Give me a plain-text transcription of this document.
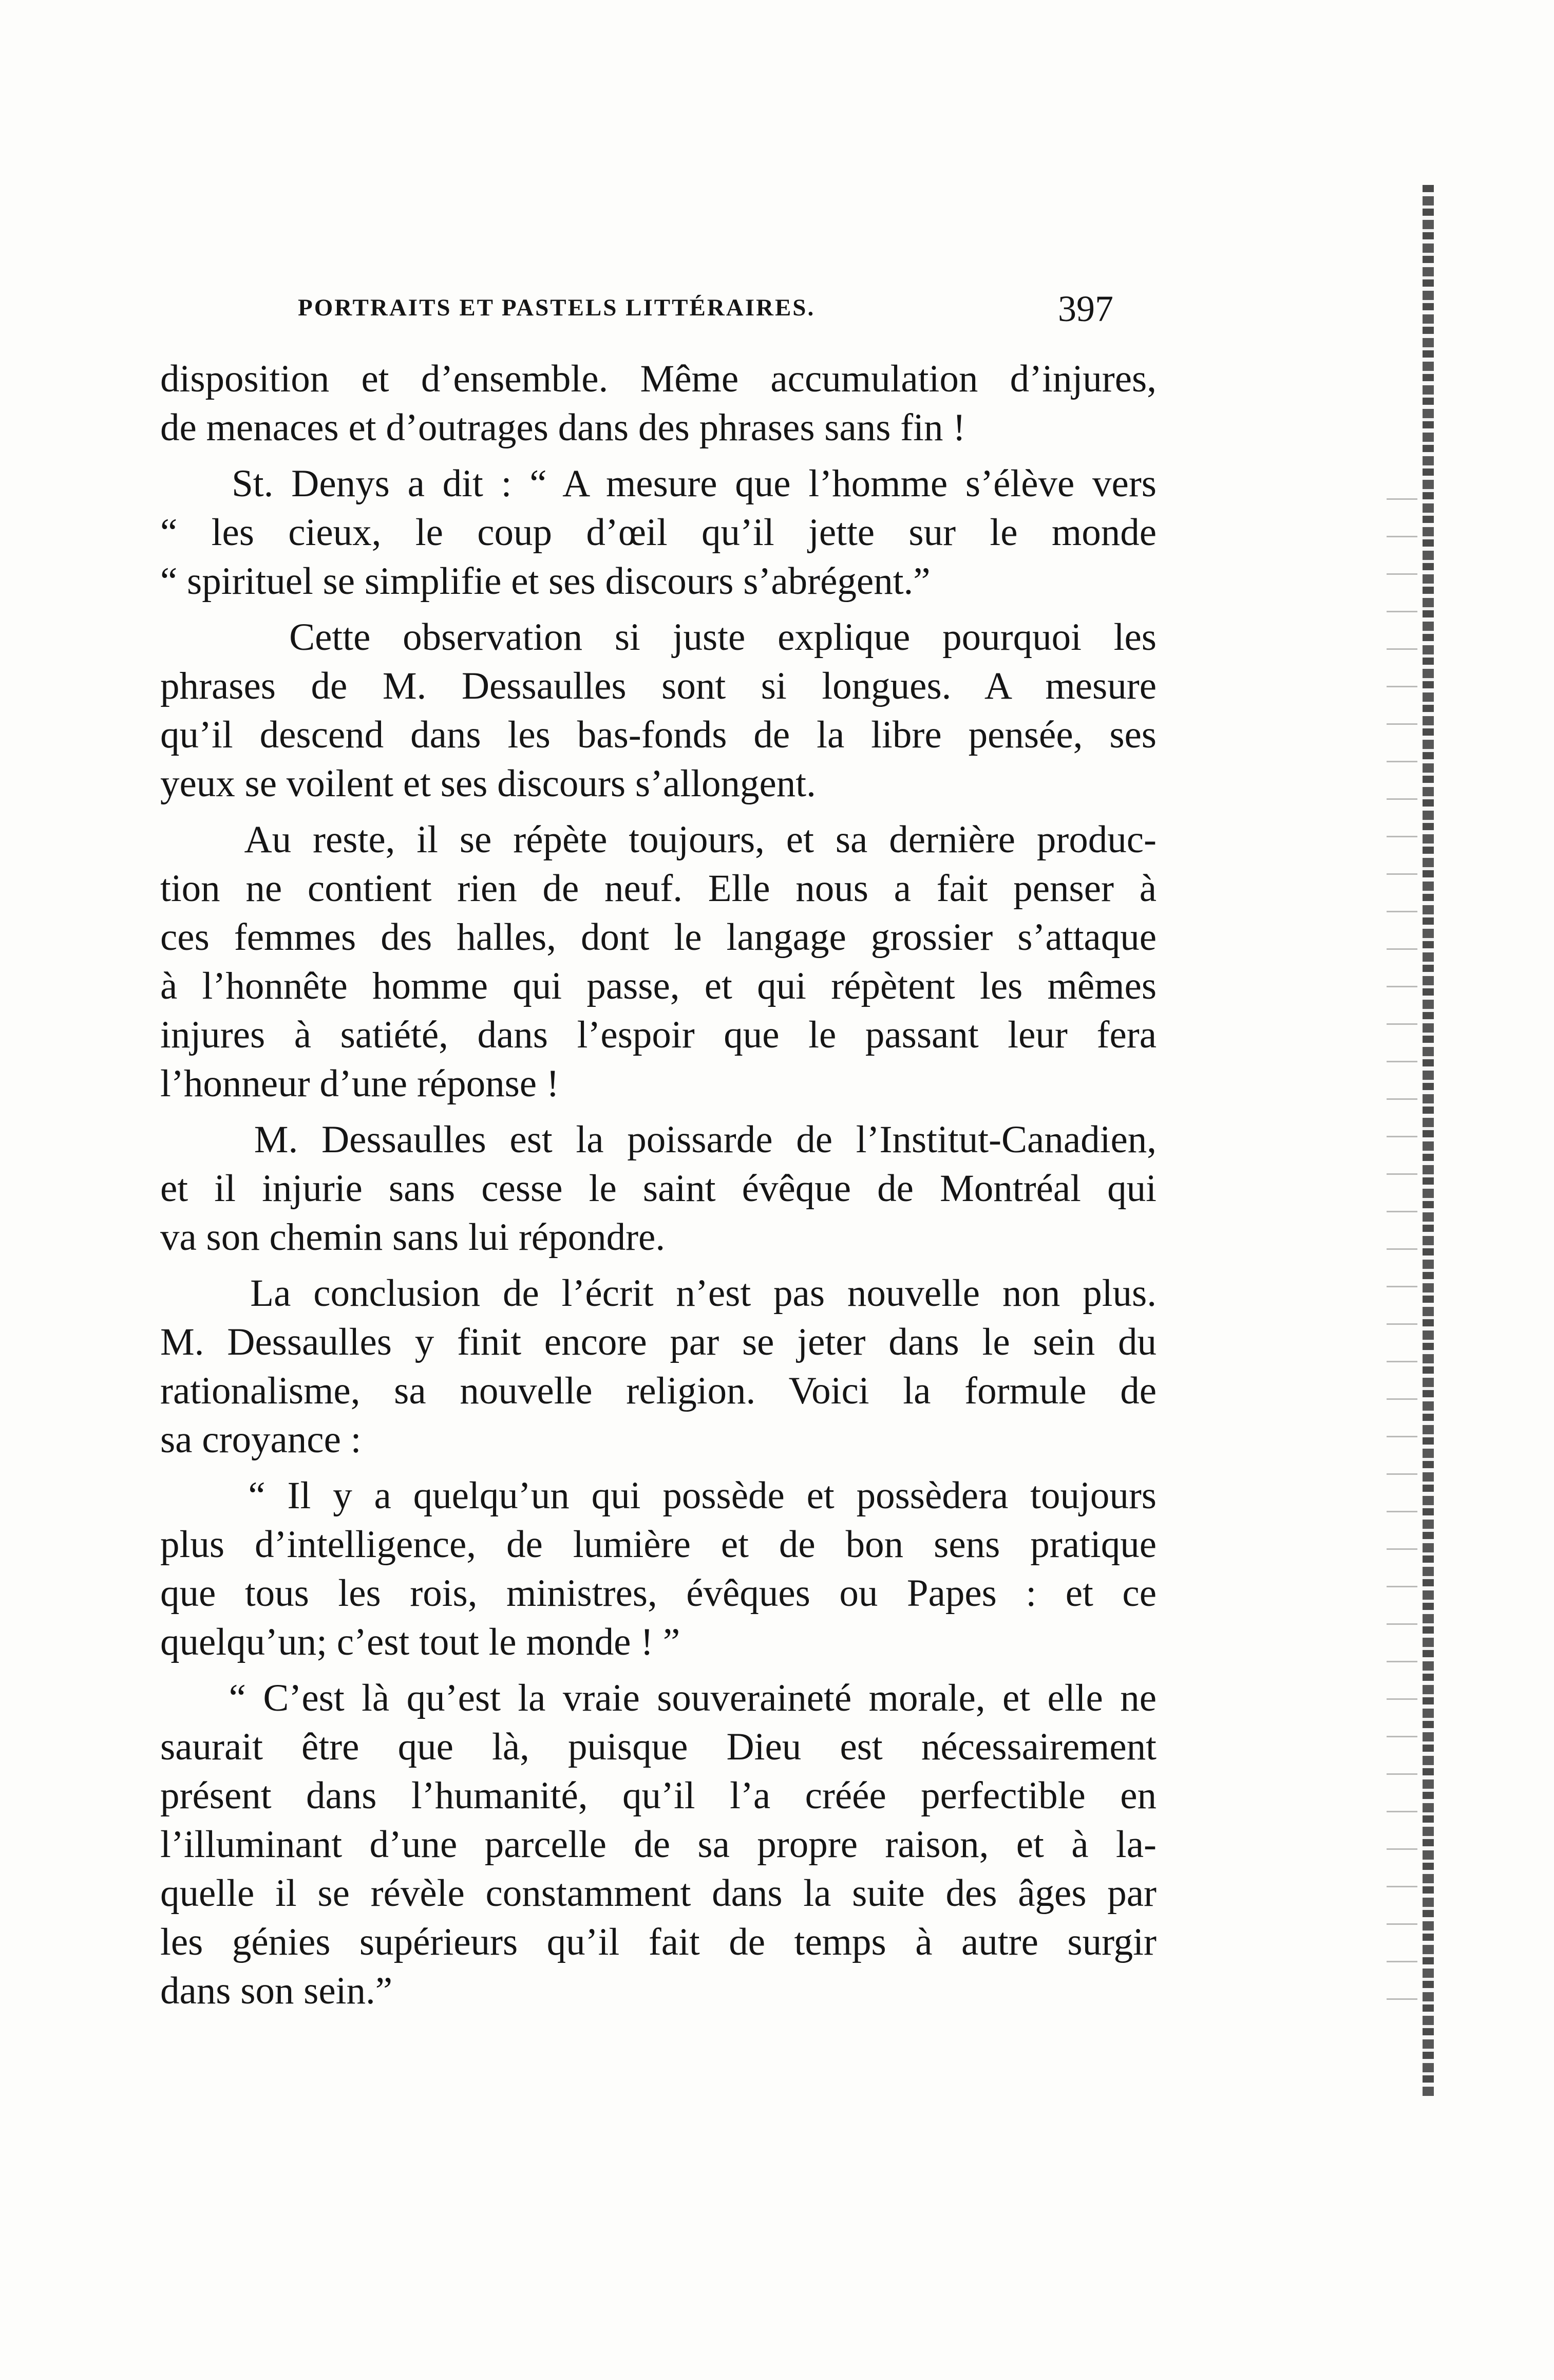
PORTRAITS ET PASTELS LITTÉRAIRES.	397
disposition et d’ensemble. Même accumulation d’injures,
de menaces et d’outrages dans des phrases sans fin !
St. Denys a dit : “ A mesure que l’homme s’élève vers
“ les cieux, le coup d’œil qu’il jette sur le monde
“ spirituel se simplifie et ses discours s’abrégent.”
Cette observation si juste explique pourquoi les
phrases de M. Dessaulles sont si longues. A mesure
qu’il descend dans les bas-fonds de la libre pensée, ses
yeux se voilent et ses discours s’allongent.
Au reste, il se répète toujours, et sa dernière produc-
tion ne contient rien de neuf. Elle nous a fait penser à
ces femmes des halles, dont le langage grossier s’attaque
à l’honnête homme qui passe, et qui répètent les mêmes
injures à satiété, dans l’espoir que le passant leur fera
l’honneur d’une réponse !
M. Dessaulles est la poissarde de l’Institut-Canadien,
et il injurie sans cesse le saint évêque de Montréal qui
va son chemin sans lui répondre.
La conclusion de l’écrit n’est pas nouvelle non plus.
M. Dessaulles y finit encore par se jeter dans le sein du
rationalisme, sa nouvelle religion. Voici la formule de
sa croyance :
“ Il y a quelqu’un qui possède et possèdera toujours
plus d’intelligence, de lumière et de bon sens pratique
que tous les rois, ministres, évêques ou Papes : et ce
quelqu’un; c’est tout le monde ! ”
“ C’est là qu’est la vraie souveraineté morale, et elle ne
saurait être que là, puisque Dieu est nécessairement
présent dans l’humanité, qu’il l’a créée perfectible en
l’illuminant d’une parcelle de sa propre raison, et à la-
quelle il se révèle constamment dans la suite des âges par
les génies supérieurs qu’il fait de temps à autre surgir
dans son sein.”
